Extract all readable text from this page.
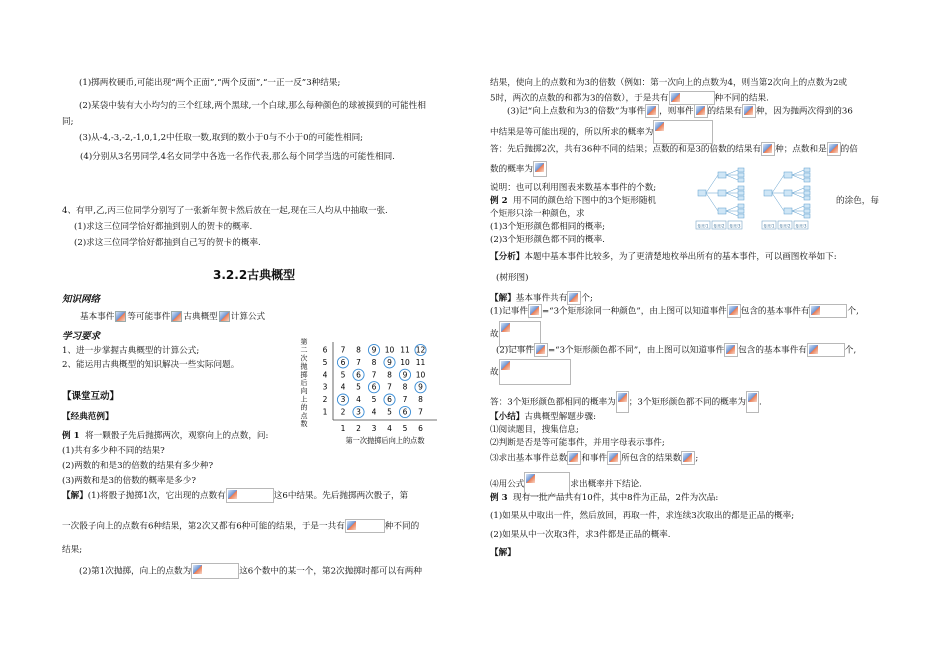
(1)掷两枚硬币,可能出现“两个正面”,“两个反面”,“一正一反”3种结果;
(2)某袋中装有大小均匀的三个红球,两个黑球,一个白球,那么每种颜色的球被摸到的可能性相
同;
(3)从-4,-3,-2,-1,0,1,2中任取一数,取到的数小于0与不小于0的可能性相同;
(4)分别从3名男同学,4名女同学中各选一名作代表,那么每个同学当选的可能性相同.
4、有甲,乙,丙三位同学分别写了一张新年贺卡然后放在一起,现在三人均从中抽取一张.
(1)求这三位同学恰好都抽到别人的贺卡的概率.
(2)求这三位同学恰好都抽到自己写的贺卡的概率.
3.2.2古典概型
知识网络
基本事件 等可能事件 古典概型 计算公式
学习要求
1、进一步掌握古典概型的计算公式;
2、能运用古典概型的知识解决一些实际问题。
【课堂互动】
【经典范例】
例 1 将一颗骰子先后抛掷两次，观察向上的点数，问:
(1)共有多少种不同的结果?
(2)两数的和是3的倍数的结果有多少种?
(3)两数和是3的倍数的概率是多少?
【解】(1)将骰子抛掷1次，它出现的点数有	这6中结果。先后抛掷两次骰子，第
一次骰子向上的点数有6种结果，第2次又都有6种可能的结果，于是一共有	种不同的
结果;
(2)第1次抛掷，向上的点数为	这6个数中的某一个，第2次抛掷时都可以有两种
第二次抛掷后向上的点数
7 8 9 10 11 12
6 7 8 9 10 11
5 6 7 8 9 10
4 5 6 7 8 9
3 4 5 6 7 8
2 3 4 5 6 7
6
5
4
3
2
1
1 2 3 4 5 6
第一次抛掷后向上的点数
结果，使向上的点数和为3的倍数（例如：第一次向上的点数为4，则当第2次向上的点数为2或
5时，两次的点数的和都为3的倍数），于是共有	种不同的结果.
(3)记“向上点数和为3的倍数”为事件 ，则事件 的结果有 种，因为抛两次得到的36
中结果是等可能出现的，所以所求的概率为
答：先后抛掷2次，共有36种不同的结果；点数的和是3的倍数的结果有 种；点数和是 的倍
数的概率为
说明：也可以利用图表来数基本事件的个数;
例 2 用不同的颜色给下图中的3个矩形随机	的涂色，每
个矩形只涂一种颜色，求
(1)3个矩形颜色都相同的概率;
(2)3个矩形颜色都不同的概率.
矩形1 矩形2 矩形3	矩形1 矩形2 矩形3
【分析】本题中基本事件比较多，为了更清楚地枚举出所有的基本事件，可以画图枚举如下:
(树形图)
【解】基本事件共有 个;
(1)记事件 =“3个矩形涂同一种颜色”，由上图可以知道事件 包含的基本事件有	个,
故
(2)记事件 =“3个矩形颜色都不同”，由上图可以知道事件 包含的基本事件有	个,
故
答：3个矩形颜色都相同的概率为 ；3个矩形颜色都不同的概率为 .
【小结】古典概型解题步骤:
⑴阅读题目，搜集信息;
⑵判断是否是等可能事件，并用字母表示事件;
⑶求出基本事件总数 和事件 所包含的结果数 ;
⑷用公式	求出概率并下结论.
例 3 现有一批产品共有10件，其中8件为正品，2件为次品:
(1)如果从中取出一件，然后放回，再取一件，求连续3次取出的都是正品的概率;
(2)如果从中一次取3件，求3件都是正品的概率.
【解】
